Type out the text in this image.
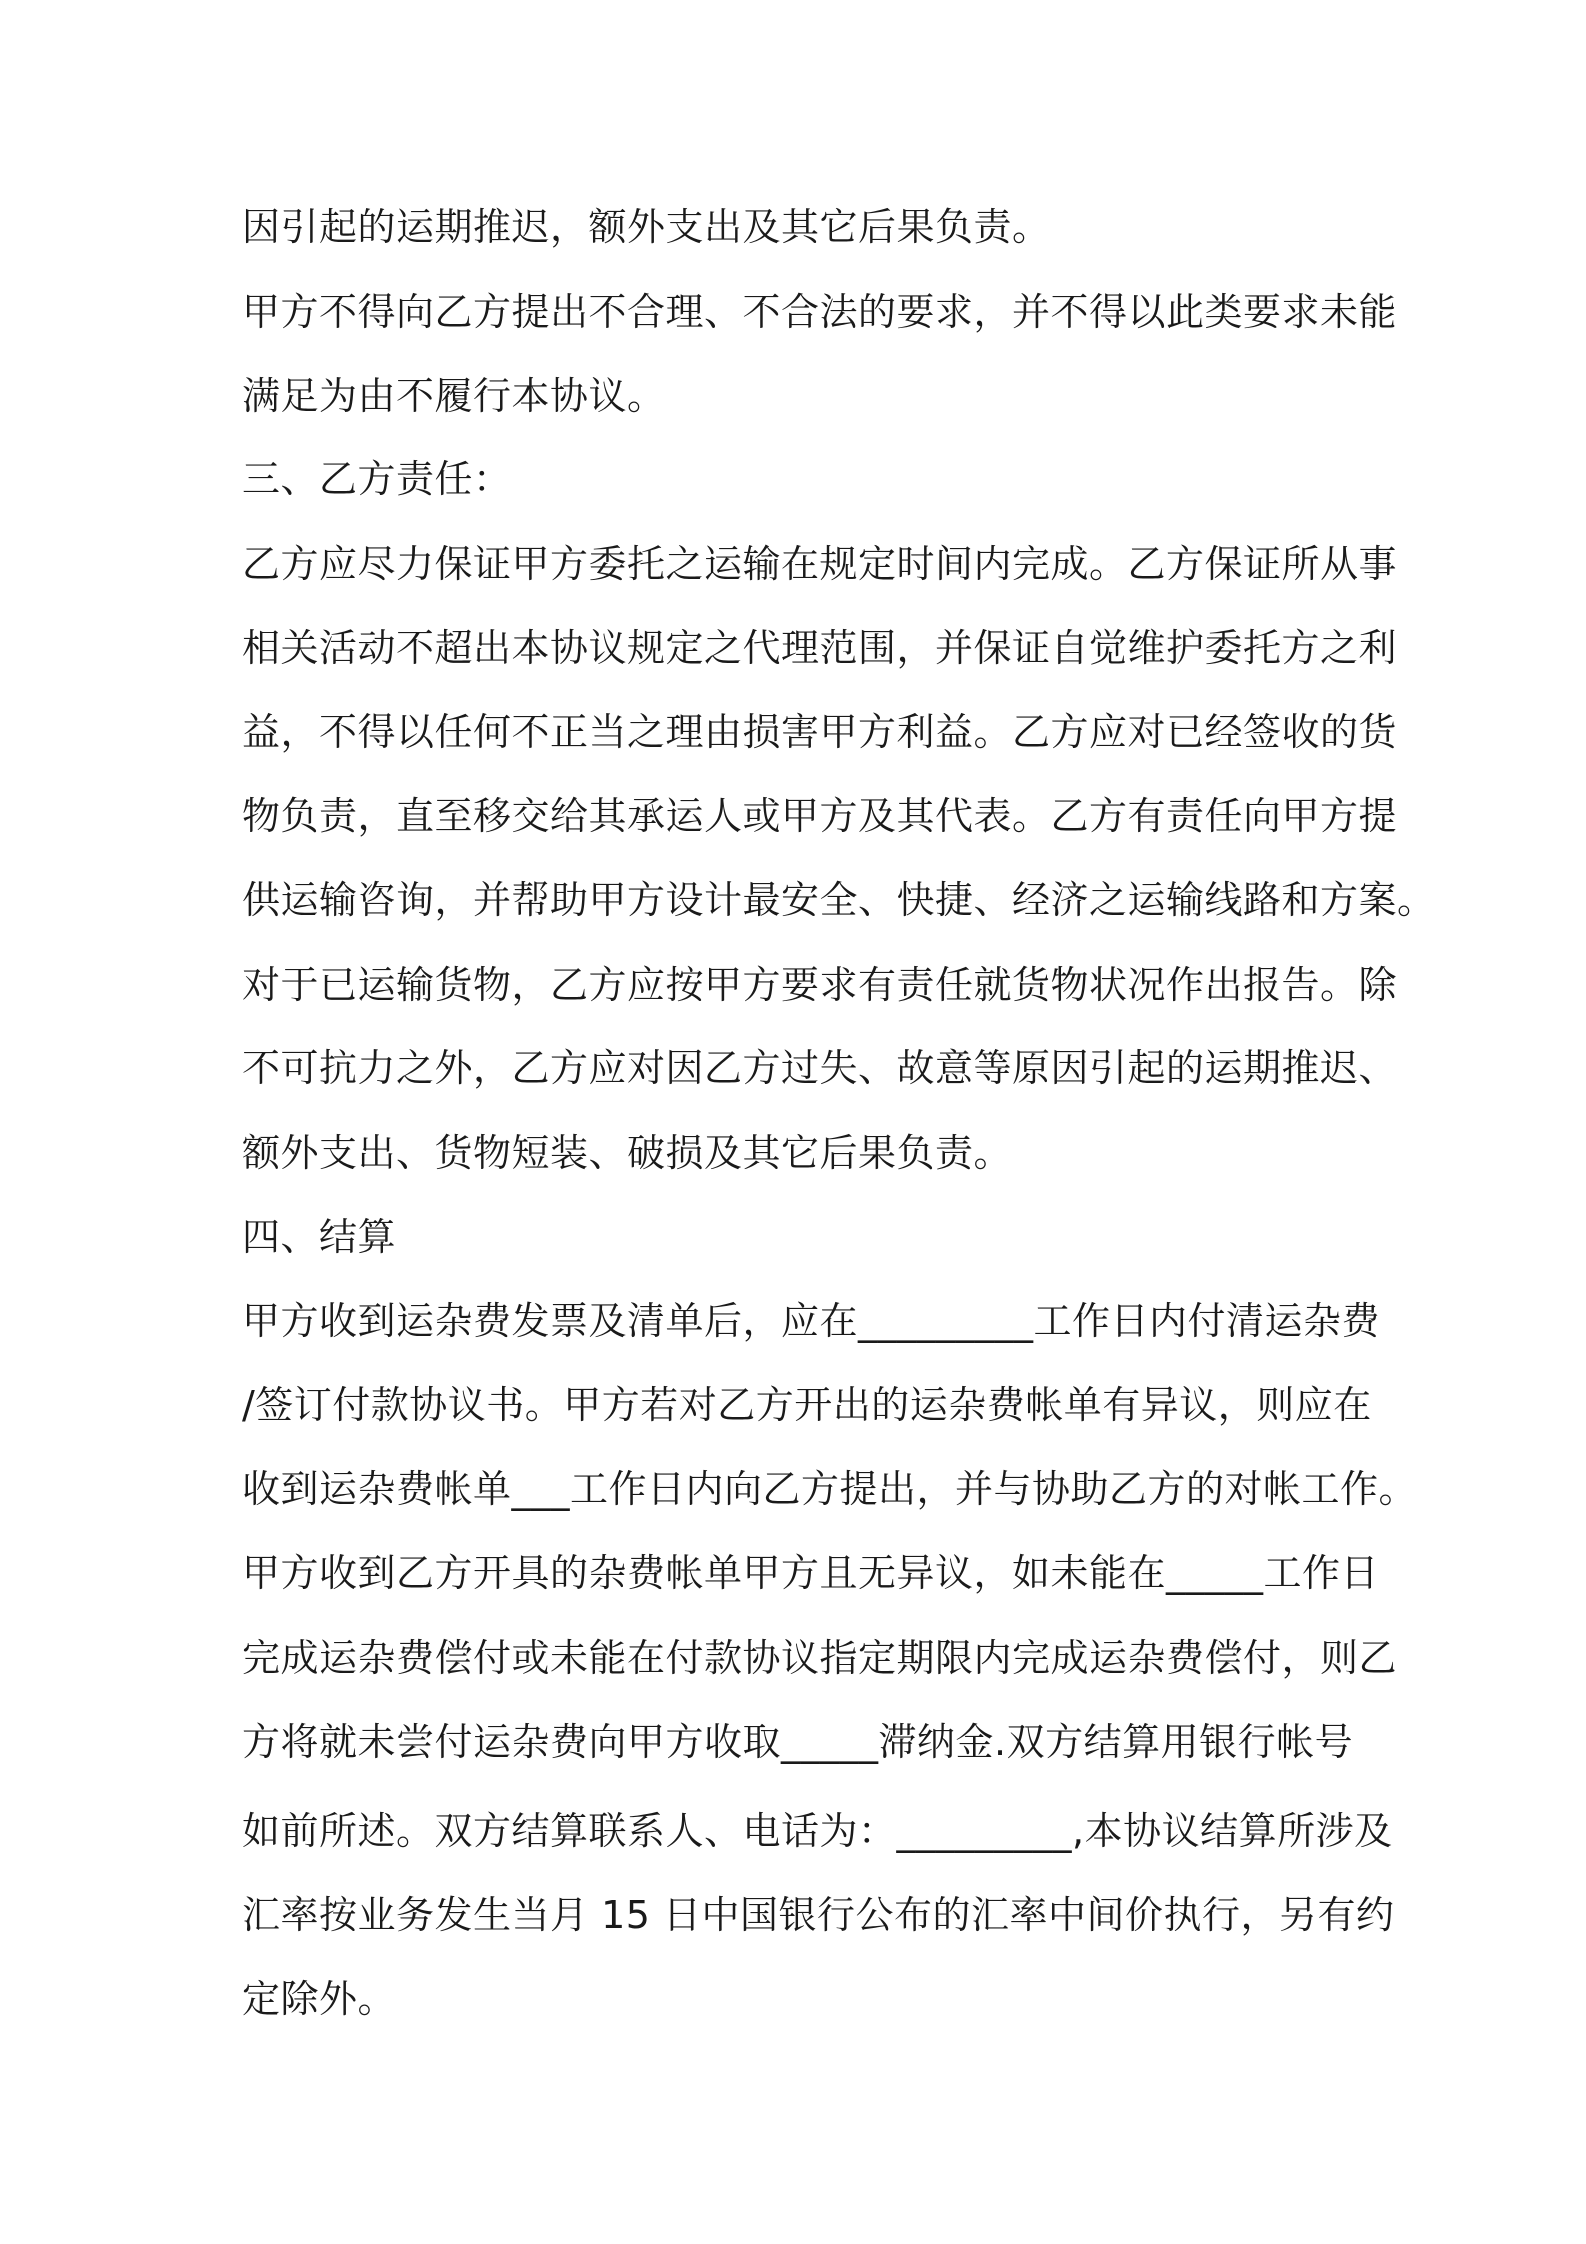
因引起的运期推迟，额外支出及其它后果负责。
甲方不得向乙方提出不合理、不合法的要求，并不得以此类要求未能
满足为由不履行本协议。
三、乙方责任：
乙方应尽力保证甲方委托之运输在规定时间内完成。乙方保证所从事
相关活动不超出本协议规定之代理范围，并保证自觉维护委托方之利
益，不得以任何不正当之理由损害甲方利益。乙方应对已经签收的货
物负责，直至移交给其承运人或甲方及其代表。乙方有责任向甲方提
供运输咨询，并帮助甲方设计最安全、快捷、经济之运输线路和方案。
对于已运输货物，乙方应按甲方要求有责任就货物状况作出报告。除
不可抗力之外，乙方应对因乙方过失、故意等原因引起的运期推迟、
额外支出、货物短装、破损及其它后果负责。
四、结算
甲方收到运杂费发票及清单后，应在_________工作日内付清运杂费
/签订付款协议书。甲方若对乙方开出的运杂费帐单有异议，则应在
收到运杂费帐单___工作日内向乙方提出，并与协助乙方的对帐工作。
甲方收到乙方开具的杂费帐单甲方且无异议，如未能在_____工作日
完成运杂费偿付或未能在付款协议指定期限内完成运杂费偿付，则乙
方将就未尝付运杂费向甲方收取_____滞纳金.双方结算用银行帐号
如前所述。双方结算联系人、电话为：_________,本协议结算所涉及
汇率按业务发生当月 15 日中国银行公布的汇率中间价执行，另有约
定除外。
